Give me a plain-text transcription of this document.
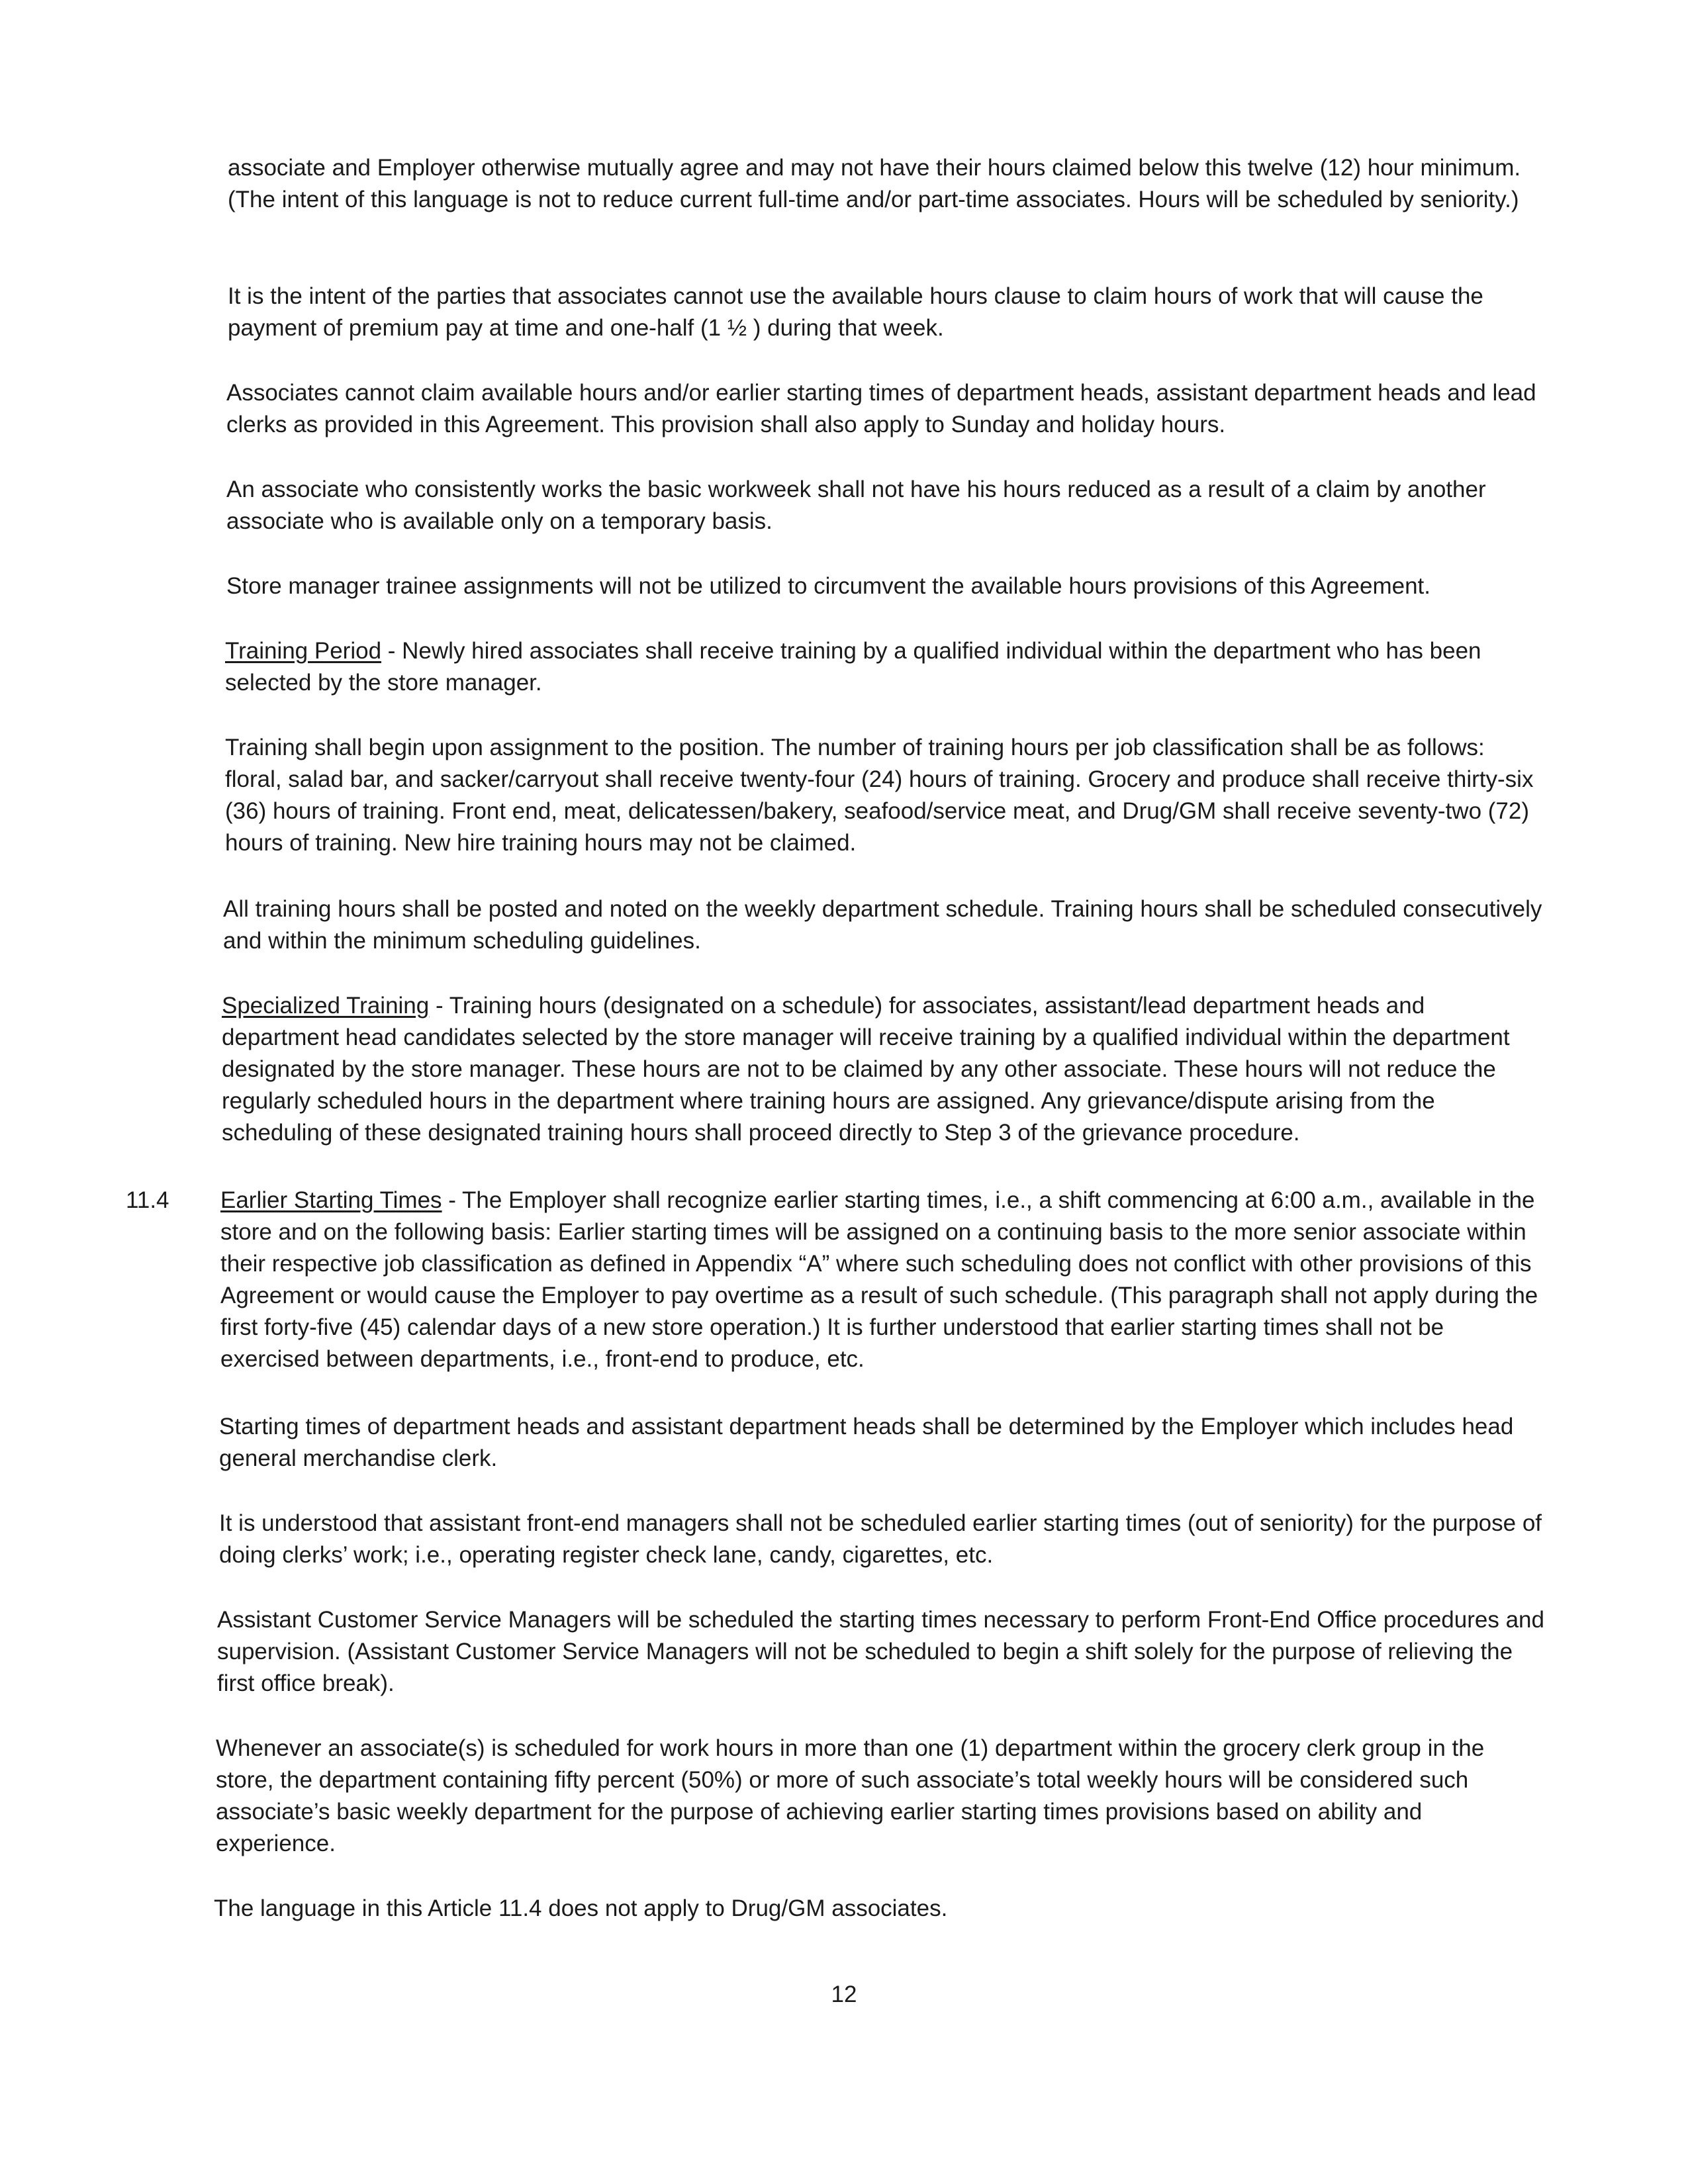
associate and Employer otherwise mutually agree and may not have their hours claimed below this twelve (12) hour minimum. (The intent of this language is not to reduce current full-time and/or part-time associates. Hours will be scheduled by seniority.)

It is the intent of the parties that associates cannot use the available hours clause to claim hours of work that will cause the payment of premium pay at time and one-half (1 ½ ) during that week.

Associates cannot claim available hours and/or earlier starting times of department heads, assistant department heads and lead clerks as provided in this Agreement. This provision shall also apply to Sunday and holiday hours.

An associate who consistently works the basic workweek shall not have his hours reduced as a result of a claim by another associate who is available only on a temporary basis.

Store manager trainee assignments will not be utilized to circumvent the available hours provisions of this Agreement.

Training Period - Newly hired associates shall receive training by a qualified individual within the department who has been selected by the store manager.

Training shall begin upon assignment to the position. The number of training hours per job classification shall be as follows: floral, salad bar, and sacker/carryout shall receive twenty-four (24) hours of training. Grocery and produce shall receive thirty-six (36) hours of training. Front end, meat, delicatessen/bakery, seafood/service meat, and Drug/GM shall receive seventy-two (72) hours of training. New hire training hours may not be claimed.

All training hours shall be posted and noted on the weekly department schedule. Training hours shall be scheduled consecutively and within the minimum scheduling guidelines.

Specialized Training - Training hours (designated on a schedule) for associates, assistant/lead department heads and department head candidates selected by the store manager will receive training by a qualified individual within the department designated by the store manager. These hours are not to be claimed by any other associate. These hours will not reduce the regularly scheduled hours in the department where training hours are assigned. Any grievance/dispute arising from the scheduling of these designated training hours shall proceed directly to Step 3 of the grievance procedure.

11.4 Earlier Starting Times - The Employer shall recognize earlier starting times, i.e., a shift commencing at 6:00 a.m., available in the store and on the following basis: Earlier starting times will be assigned on a continuing basis to the more senior associate within their respective job classification as defined in Appendix “A” where such scheduling does not conflict with other provisions of this Agreement or would cause the Employer to pay overtime as a result of such schedule. (This paragraph shall not apply during the first forty-five (45) calendar days of a new store operation.) It is further understood that earlier starting times shall not be exercised between departments, i.e., front-end to produce, etc.

Starting times of department heads and assistant department heads shall be determined by the Employer which includes head general merchandise clerk.

It is understood that assistant front-end managers shall not be scheduled earlier starting times (out of seniority) for the purpose of doing clerks’ work; i.e., operating register check lane, candy, cigarettes, etc.

Assistant Customer Service Managers will be scheduled the starting times necessary to perform Front-End Office procedures and supervision. (Assistant Customer Service Managers will not be scheduled to begin a shift solely for the purpose of relieving the first office break).

Whenever an associate(s) is scheduled for work hours in more than one (1) department within the grocery clerk group in the store, the department containing fifty percent (50%) or more of such associate’s total weekly hours will be considered such associate’s basic weekly department for the purpose of achieving earlier starting times provisions based on ability and experience.

The language in this Article 11.4 does not apply to Drug/GM associates.

12
